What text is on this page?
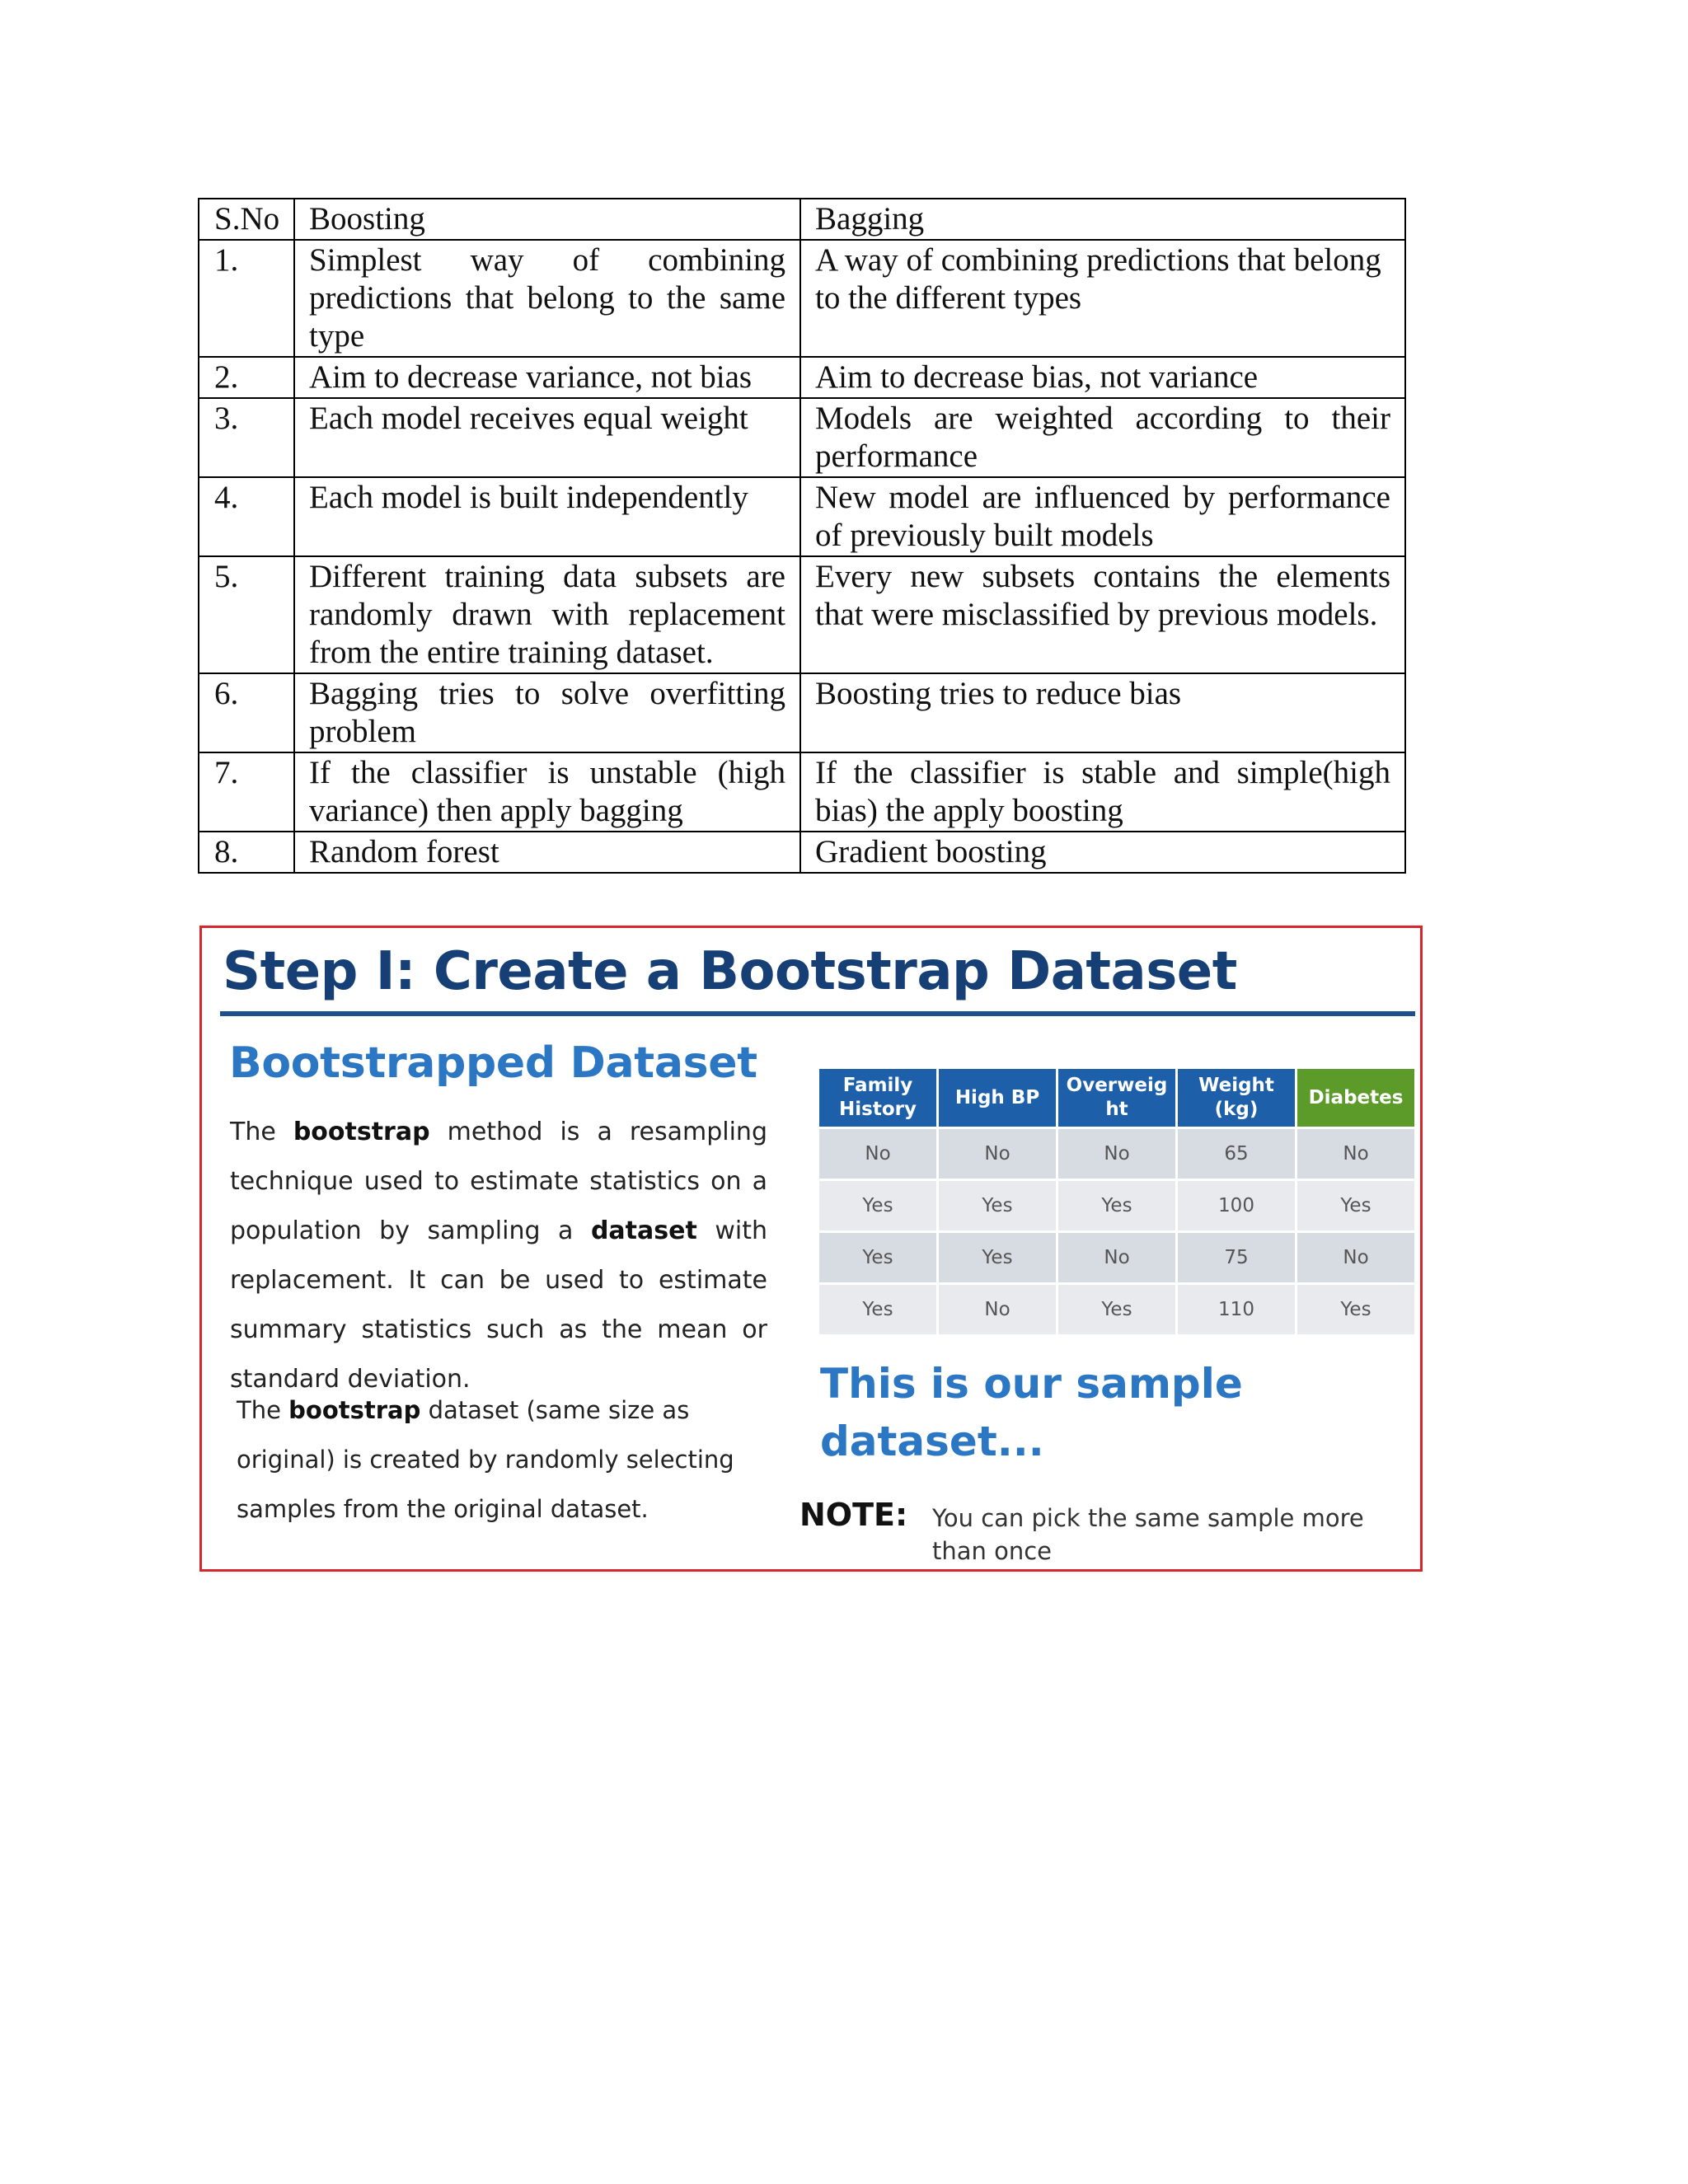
S.No	Boosting	Bagging
1.	Simplest way of combining predictions that belong to the same type	A way of combining predictions that belong to the different types
2.	Aim to decrease variance, not bias	Aim to decrease bias, not variance
3.	Each model receives equal weight	Models are weighted according to their performance
4.	Each model is built independently	New model are influenced by performance of previously built models
5.	Different training data subsets are randomly drawn with replacement from the entire training dataset.	Every new subsets contains the elements that were misclassified by previous models.
6.	Bagging tries to solve overfitting problem	Boosting tries to reduce bias
7.	If the classifier is unstable (high variance) then apply bagging	If the classifier is stable and simple(high bias) the apply boosting
8.	Random forest	Gradient boosting
Step I: Create a Bootstrap Dataset
Bootstrapped Dataset
The bootstrap method is a resampling technique used to estimate statistics on a population by sampling a dataset with replacement. It can be used to estimate summary statistics such as the mean or standard deviation.
The bootstrap dataset (same size as original) is created by randomly selecting samples from the original dataset.
Family History	High BP	Overweig ht	Weight (kg)	Diabetes
No	No	No	65	No
Yes	Yes	Yes	100	Yes
Yes	Yes	No	75	No
Yes	No	Yes	110	Yes
This is our sample dataset...
NOTE: You can pick the same sample more than once
